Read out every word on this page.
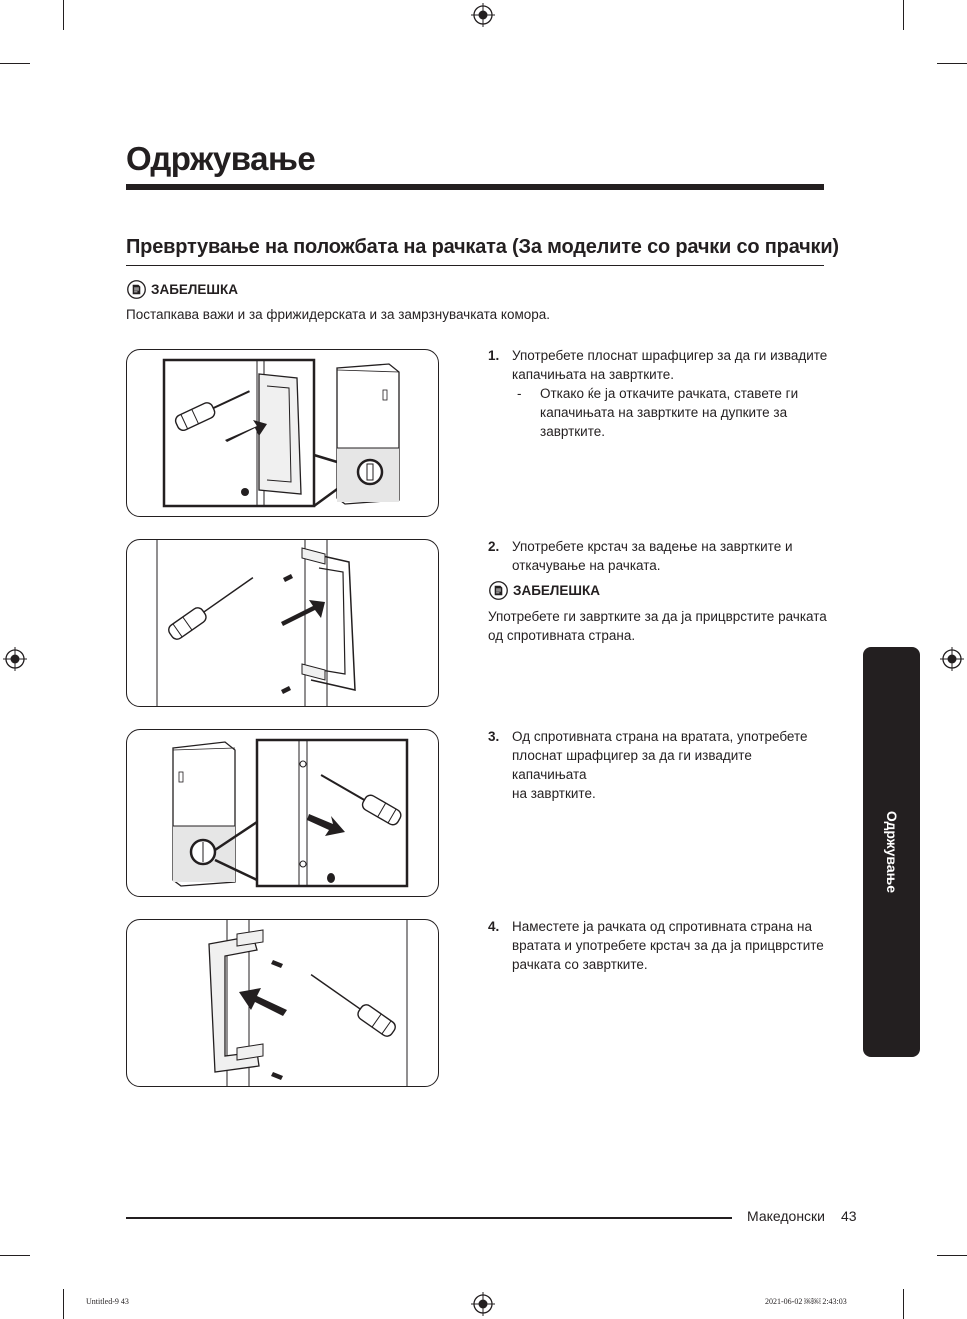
Одржување
Превртување на положбата на рачката (За моделите со рачки со прачки)
ЗАБЕЛЕШКА
Постапкава важи и за фрижидерската и за замрзнувачката комора.
1. Употребете плоснат шрафцигер за да ги извадите
капачињата на завртките.
- Откако ќе ја откачите рачката, ставете ги
капачињата на завртките на дупките за
завртките.
2. Употребете крстач за вадење на завртките и
откачување на рачката.
ЗАБЕЛЕШКА
Употребете ги завртките за да ја прицврстите рачката
од спротивната страна.
3. Од спротивната страна на вратата, употребете
плоснат шрафцигер за да ги извадите капачињата
на завртките.
4. Наместете ја рачката од спротивната страна на
вратата и употребете крстач за да ја прицврстите
рачката со завртките.
Одржување
Македонски 43
Untitled-9 43	2021-06-02 ￼￼ 2:43:03
